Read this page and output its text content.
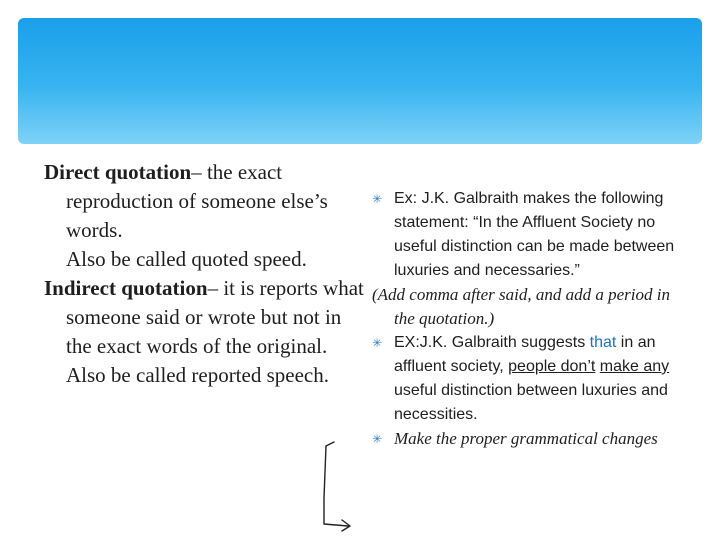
Direct quotation– the exact reproduction of someone else’s words.

Also be called quoted speed.

Indirect quotation– it is reports what someone said or wrote but not in the exact words of the original. Also be called reported speech.

✳ Ex: J.K. Galbraith makes the following statement: “In the Affluent Society no useful distinction can be made between luxuries and necessaries.”

(Add comma after said, and add a period in the quotation.)

✳ EX:J.K. Galbraith suggests that in an affluent society, people don’t make any useful distinction between luxuries and necessities.

✳ Make the proper grammatical changes
